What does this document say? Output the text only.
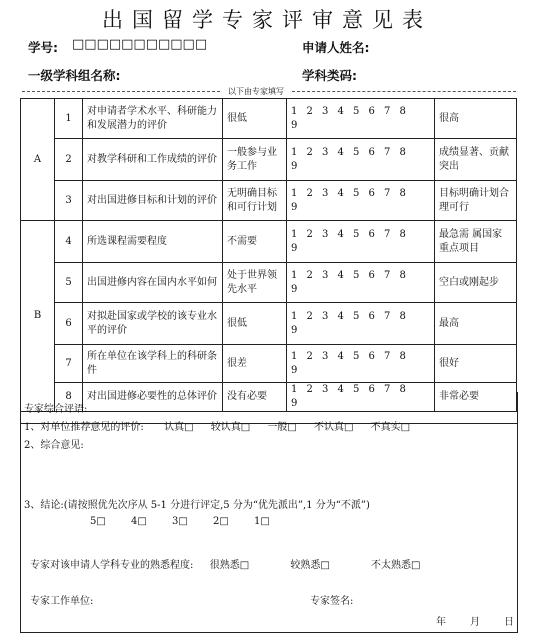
出国留学专家评审意见表
学号: □□□□□□□□□□□	申请人姓名:
一级学科组名称:	学科类码:
以下由专家填写
A	1	对申请者学术水平、科研能力和发展潜力的评价	很低	1 2 3 4 5 6 7 89	很高
	2	对教学科研和工作成绩的评价	一般参与业务工作	1 2 3 4 5 6 7 89	成绩显著、贡献突出
	3	对出国进修目标和计划的评价	无明确目标和可行计划	1 2 3 4 5 6 7 89	目标明确计划合理可行
B	4	所选课程需要程度	不需要	1 2 3 4 5 6 7 89	最急需 属国家重点项目
	5	出国进修内容在国内水平如何	处于世界领先水平	1 2 3 4 5 6 7 89	空白或刚起步
	6	对拟赴国家或学校的该专业水平的评价	很低	1 2 3 4 5 6 7 89	最高
	7	所在单位在该学科上的科研条件	很差	1 2 3 4 5 6 7 89	很好
	8	对出国进修必要性的总体评价	没有必要	1 2 3 4 5 6 7 89	非常必要
专家综合评语:
1、对单位推荐意见的评价: 认真□ 较认真□ 一般□ 不认真□ 不真实□
2、综合意见:
3、结论:(请按照优先次序从 5-1 分进行评定,5 分为“优先派出”,1 分为“不派”)
5□	4□	3□	2□	1□
专家对该申请人学科专业的熟悉程度: 很熟悉□	较熟悉□	不太熟悉□
专家工作单位:	专家签名:
年 月 日
